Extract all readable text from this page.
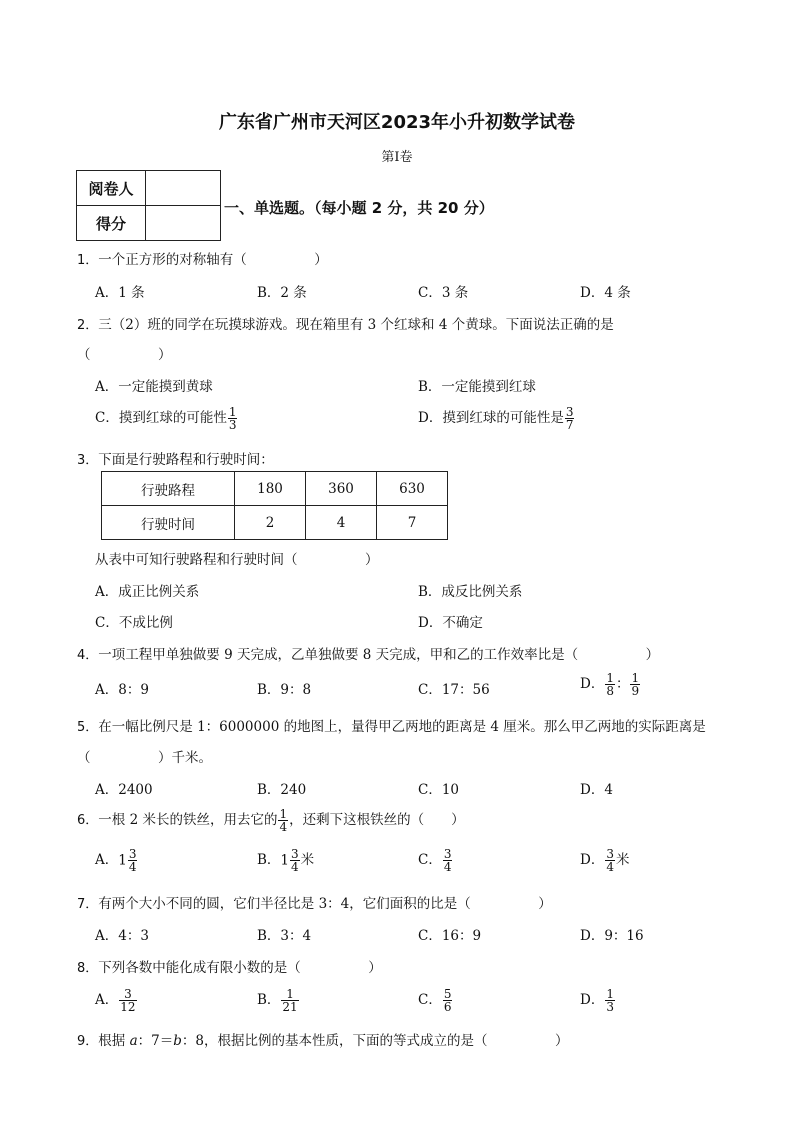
广东省广州市天河区2023年小升初数学试卷
第Ⅰ卷
阅卷人	
得分	
一、单选题。（每小题 2 分，共 20 分）
1．一个正方形的对称轴有（　　　　　）
A．1 条	B．2 条	C．3 条	D．4 条
2．三（2）班的同学在玩摸球游戏。现在箱里有 3 个红球和 4 个黄球。下面说法正确的是
（　　　　　）
A．一定能摸到黄球	B．一定能摸到红球
C．摸到红球的可能性 $\frac{1}{3}$	D．摸到红球的可能性是 $\frac{3}{7}$
3．下面是行驶路程和行驶时间：
行驶路程	180	360	630
行驶时间	2	4	7
从表中可知行驶路程和行驶时间（　　　　　）
A．成正比例关系	B．成反比例关系
C．不成比例	D．不确定
4．一项工程甲单独做要 9 天完成，乙单独做要 8 天完成，甲和乙的工作效率比是（　　　　　）
A．8：9	B．9：8	C．17：56	D． $\frac{1}{8}$ ： $\frac{1}{9}$
5．在一幅比例尺是 1：6000000 的地图上，量得甲乙两地的距离是 4 厘米。那么甲乙两地的实际距离是
（　　　　　）千米。
A．2400	B．240	C．10	D．4
6．一根 2 米长的铁丝，用去它的 $\frac{1}{4}$ ，还剩下这根铁丝的（　　）
A．$1 \frac{3}{4}$	B．$1 \frac{3}{4}$ 米	C． $\frac{3}{4}$	D． $\frac{3}{4}$ 米
7．有两个大小不同的圆，它们半径比是 3：4，它们面积的比是（　　　　　）
A．4：3	B．3：4	C．16：9	D．9：16
8．下列各数中能化成有限小数的是（　　　　　）
A． $\frac{3}{12}$	B． $\frac{1}{21}$	C． $\frac{5}{6}$	D． $\frac{1}{3}$
9．根据 a：7＝b：8，根据比例的基本性质，下面的等式成立的是（　　　　　）
